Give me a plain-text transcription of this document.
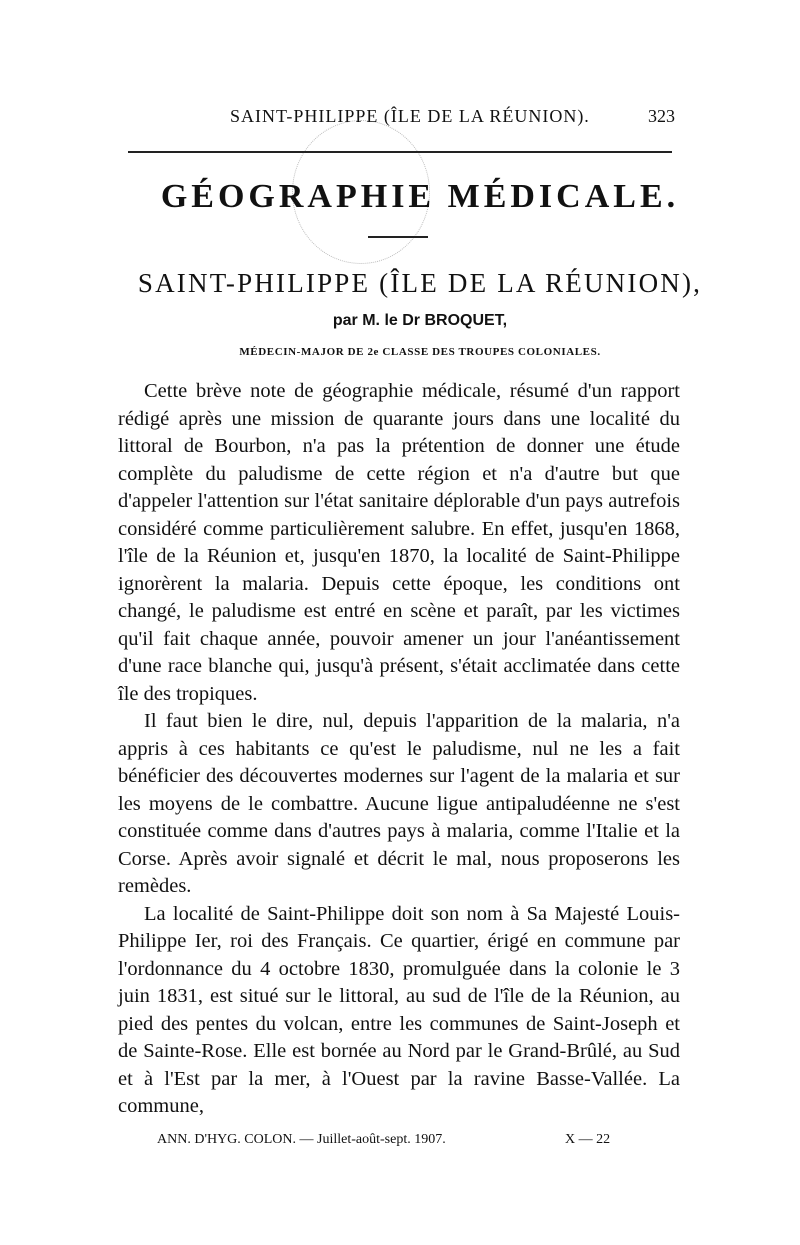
SAINT-PHILIPPE (ÎLE DE LA RÉUNION).	323
GÉOGRAPHIE MÉDICALE.
SAINT-PHILIPPE (ÎLE DE LA RÉUNION),
par M. le Dr BROQUET,
MÉDECIN-MAJOR DE 2e CLASSE DES TROUPES COLONIALES.

Cette brève note de géographie médicale, résumé d'un rapport rédigé après une mission de quarante jours dans une localité du littoral de Bourbon, n'a pas la prétention de donner une étude complète du paludisme de cette région et n'a d'autre but que d'appeler l'attention sur l'état sanitaire déplorable d'un pays autrefois considéré comme particulièrement salubre. En effet, jusqu'en 1868, l'île de la Réunion et, jusqu'en 1870, la localité de Saint-Philippe ignorèrent la malaria. Depuis cette époque, les conditions ont changé, le paludisme est entré en scène et paraît, par les victimes qu'il fait chaque année, pouvoir amener un jour l'anéantissement d'une race blanche qui, jusqu'à présent, s'était acclimatée dans cette île des tropiques.

Il faut bien le dire, nul, depuis l'apparition de la malaria, n'a appris à ces habitants ce qu'est le paludisme, nul ne les a fait bénéficier des découvertes modernes sur l'agent de la malaria et sur les moyens de le combattre. Aucune ligue antipaludéenne ne s'est constituée comme dans d'autres pays à malaria, comme l'Italie et la Corse. Après avoir signalé et décrit le mal, nous proposerons les remèdes.

La localité de Saint-Philippe doit son nom à Sa Majesté Louis-Philippe Ier, roi des Français. Ce quartier, érigé en commune par l'ordonnance du 4 octobre 1830, promulguée dans la colonie le 3 juin 1831, est situé sur le littoral, au sud de l'île de la Réunion, au pied des pentes du volcan, entre les communes de Saint-Joseph et de Sainte-Rose. Elle est bornée au Nord par le Grand-Brûlé, au Sud et à l'Est par la mer, à l'Ouest par la ravine Basse-Vallée. La commune,

ANN. D'HYG. COLON. — Juillet-août-sept. 1907.	X — 22
